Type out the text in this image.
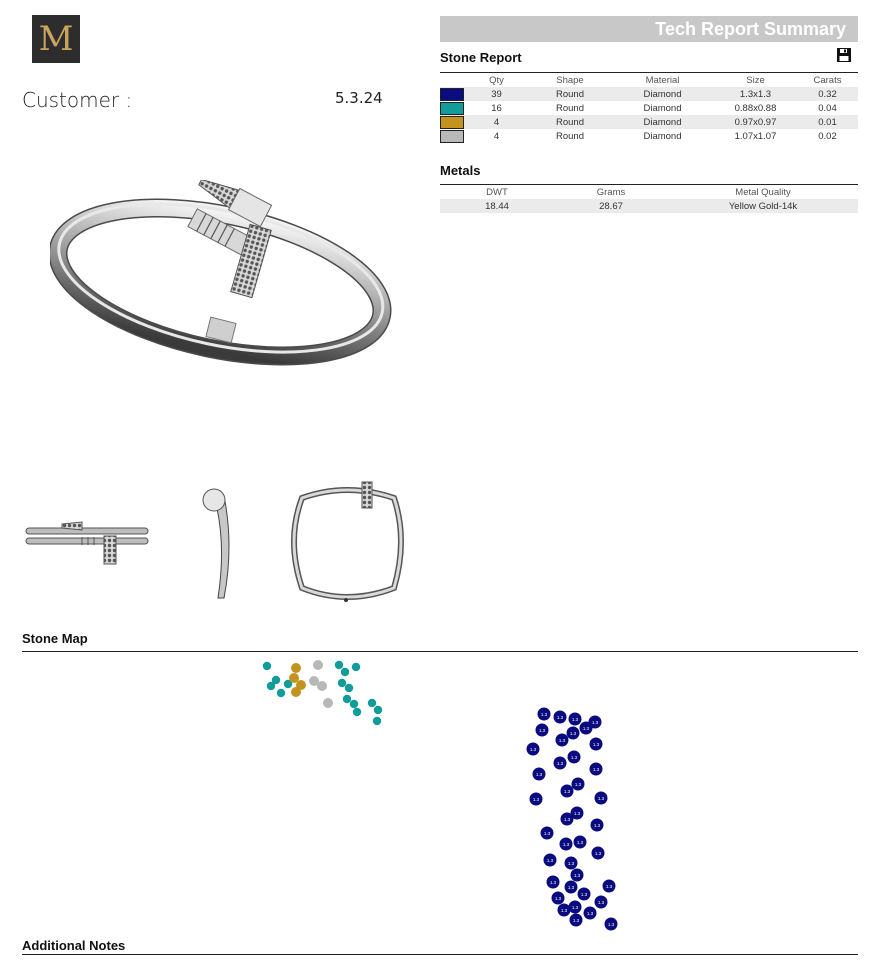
M
Customer :	5.3.24
Tech Report Summary
Stone Report
	Qty	Shape	Material	Size	Carats
	39	Round	Diamond	1.3x1.3	0.32
	16	Round	Diamond	0.88x0.88	0.04
	4	Round	Diamond	0.97x0.97	0.01
	4	Round	Diamond	1.07x1.07	0.02
Metals
DWT	Grams	Metal Quality
18.44	28.67	Yellow Gold-14k
Stone Map
1.3
1.3 1.3
1.3
1.3
1.3
1.3
1.3
1.3
1.3
1.3
1.3
1.3
1.3
1.3
1.3
1.3	1.3
1.3
1.3
1.3
1.3
1.3
1.3
1.3
1.3
1.3
1.3
1.3
1.3	1.3
1.3
1.3
1.3
1.3
1.3
1.3
1.3
1.3
Additional Notes
